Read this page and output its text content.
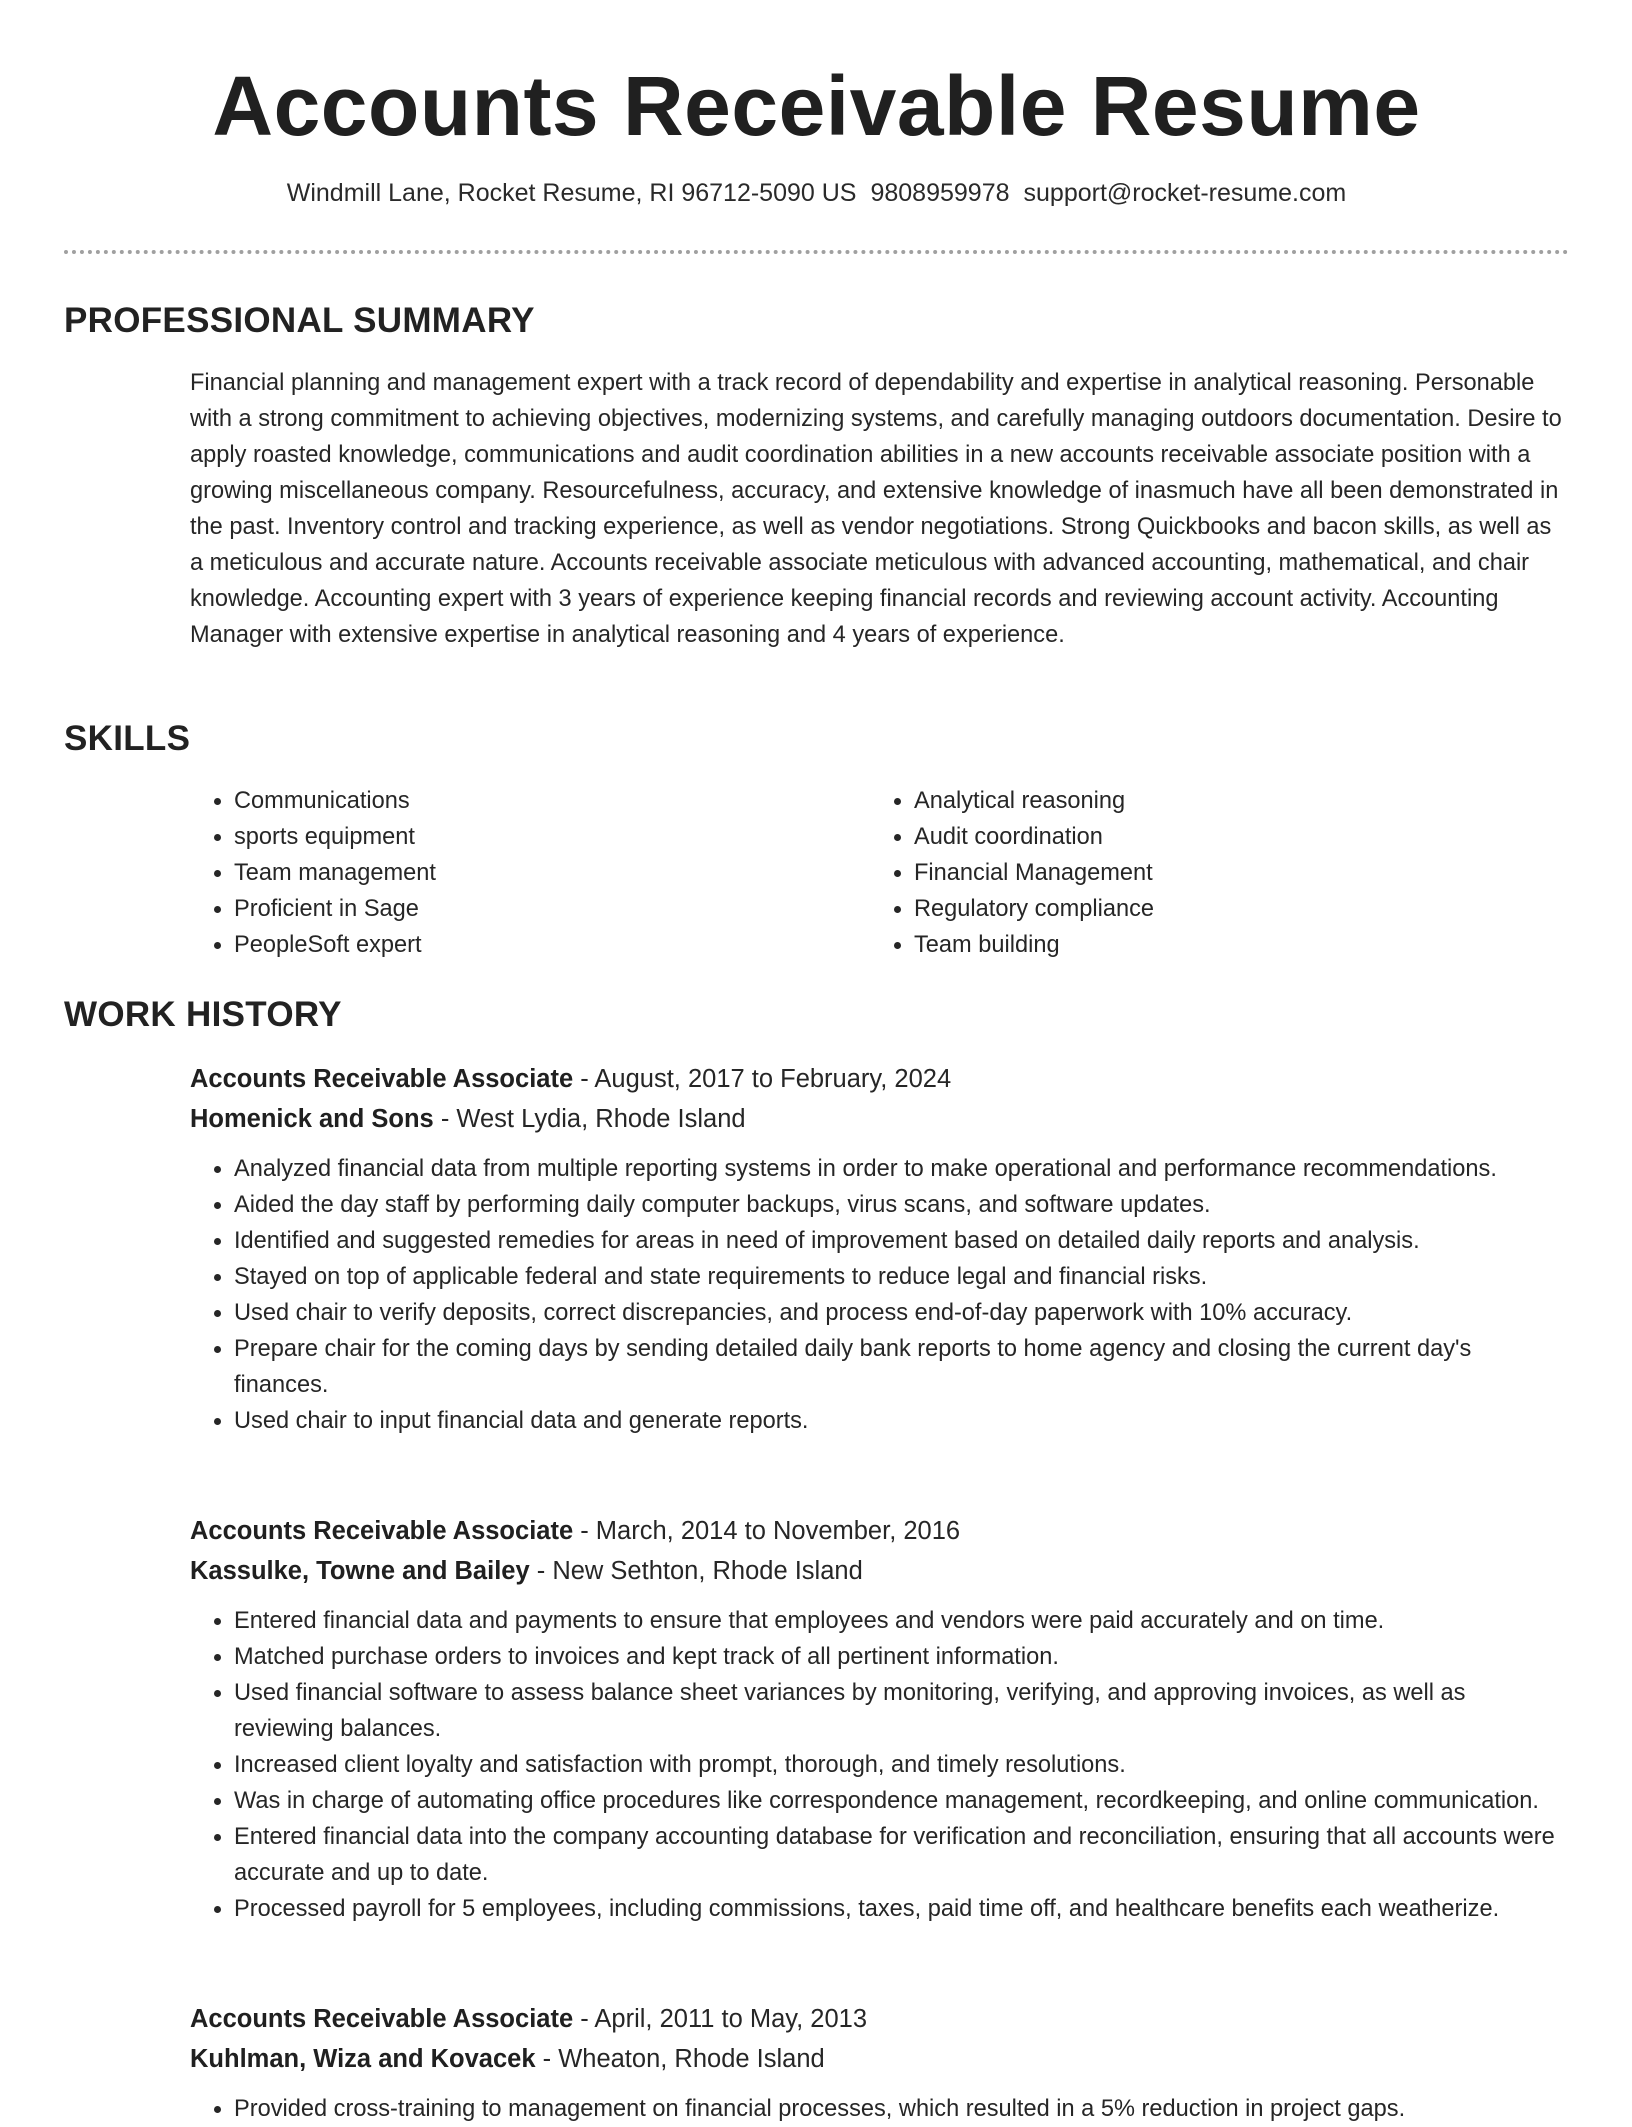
Accounts Receivable Resume
Windmill Lane, Rocket Resume, RI 96712-5090 US 9808959978 support@rocket-resume.com
PROFESSIONAL SUMMARY
Financial planning and management expert with a track record of dependability and expertise in analytical reasoning. Personable with a strong commitment to achieving objectives, modernizing systems, and carefully managing outdoors documentation. Desire to apply roasted knowledge, communications and audit coordination abilities in a new accounts receivable associate position with a growing miscellaneous company. Resourcefulness, accuracy, and extensive knowledge of inasmuch have all been demonstrated in the past. Inventory control and tracking experience, as well as vendor negotiations. Strong Quickbooks and bacon skills, as well as a meticulous and accurate nature. Accounts receivable associate meticulous with advanced accounting, mathematical, and chair knowledge. Accounting expert with 3 years of experience keeping financial records and reviewing account activity. Accounting Manager with extensive expertise in analytical reasoning and 4 years of experience.
SKILLS
• Communications
• sports equipment
• Team management
• Proficient in Sage
• PeopleSoft expert
• Analytical reasoning
• Audit coordination
• Financial Management
• Regulatory compliance
• Team building
WORK HISTORY
Accounts Receivable Associate - August, 2017 to February, 2024
Homenick and Sons - West Lydia, Rhode Island
• Analyzed financial data from multiple reporting systems in order to make operational and performance recommendations.
• Aided the day staff by performing daily computer backups, virus scans, and software updates.
• Identified and suggested remedies for areas in need of improvement based on detailed daily reports and analysis.
• Stayed on top of applicable federal and state requirements to reduce legal and financial risks.
• Used chair to verify deposits, correct discrepancies, and process end-of-day paperwork with 10% accuracy.
• Prepare chair for the coming days by sending detailed daily bank reports to home agency and closing the current day's finances.
• Used chair to input financial data and generate reports.
Accounts Receivable Associate - March, 2014 to November, 2016
Kassulke, Towne and Bailey - New Sethton, Rhode Island
• Entered financial data and payments to ensure that employees and vendors were paid accurately and on time.
• Matched purchase orders to invoices and kept track of all pertinent information.
• Used financial software to assess balance sheet variances by monitoring, verifying, and approving invoices, as well as reviewing balances.
• Increased client loyalty and satisfaction with prompt, thorough, and timely resolutions.
• Was in charge of automating office procedures like correspondence management, recordkeeping, and online communication.
• Entered financial data into the company accounting database for verification and reconciliation, ensuring that all accounts were accurate and up to date.
• Processed payroll for 5 employees, including commissions, taxes, paid time off, and healthcare benefits each weatherize.
Accounts Receivable Associate - April, 2011 to May, 2013
Kuhlman, Wiza and Kovacek - Wheaton, Rhode Island
• Provided cross-training to management on financial processes, which resulted in a 5% reduction in project gaps.
